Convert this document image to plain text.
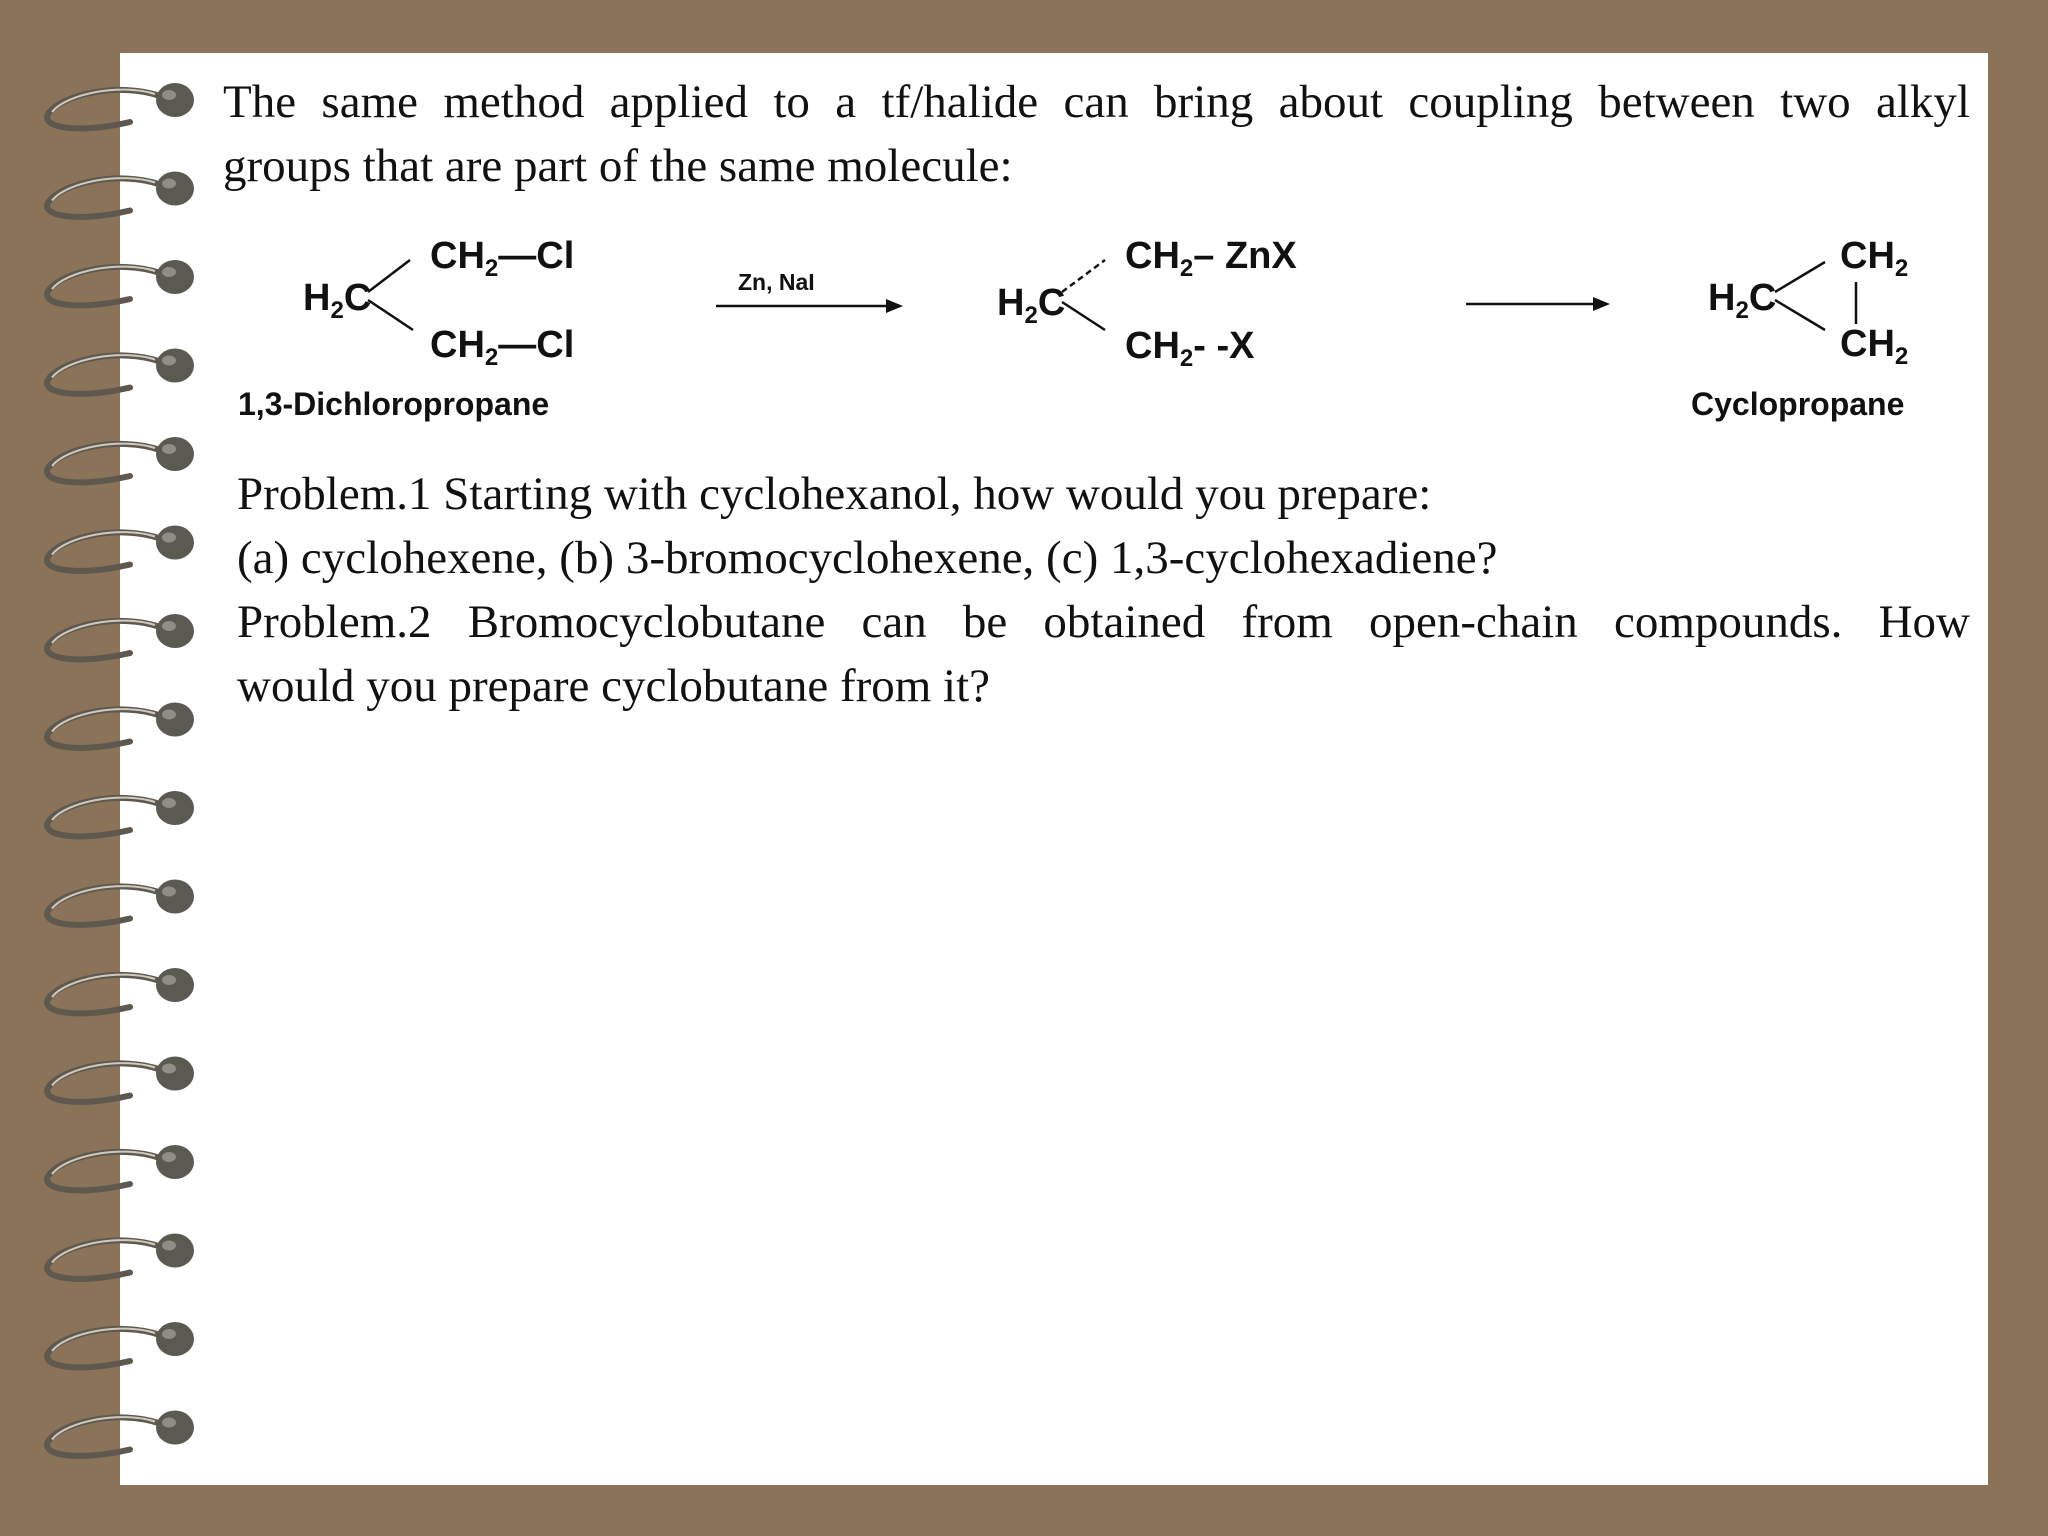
The same method applied to a tf/halide can bring about coupling between two alkyl
groups that are part of the same molecule:

$H_2C$
$CH_2—Cl$
$CH_2—Cl$
1,3-Dichloropropane
Zn, NaI	$H_2C$
$CH_2-$ ZnX
$CH_2-$ -X
$H_2C$
$CH_2$
$CH_2$
Cyclopropane

Problem.1 Starting with cyclohexanol, how would you prepare:
(a) cyclohexene, (b) 3-bromocyclohexene, (c) 1,3-cyclohexadiene?
Problem.2 Bromocyclobutane can be obtained from open-chain compounds. How
would you prepare cyclobutane from it?
